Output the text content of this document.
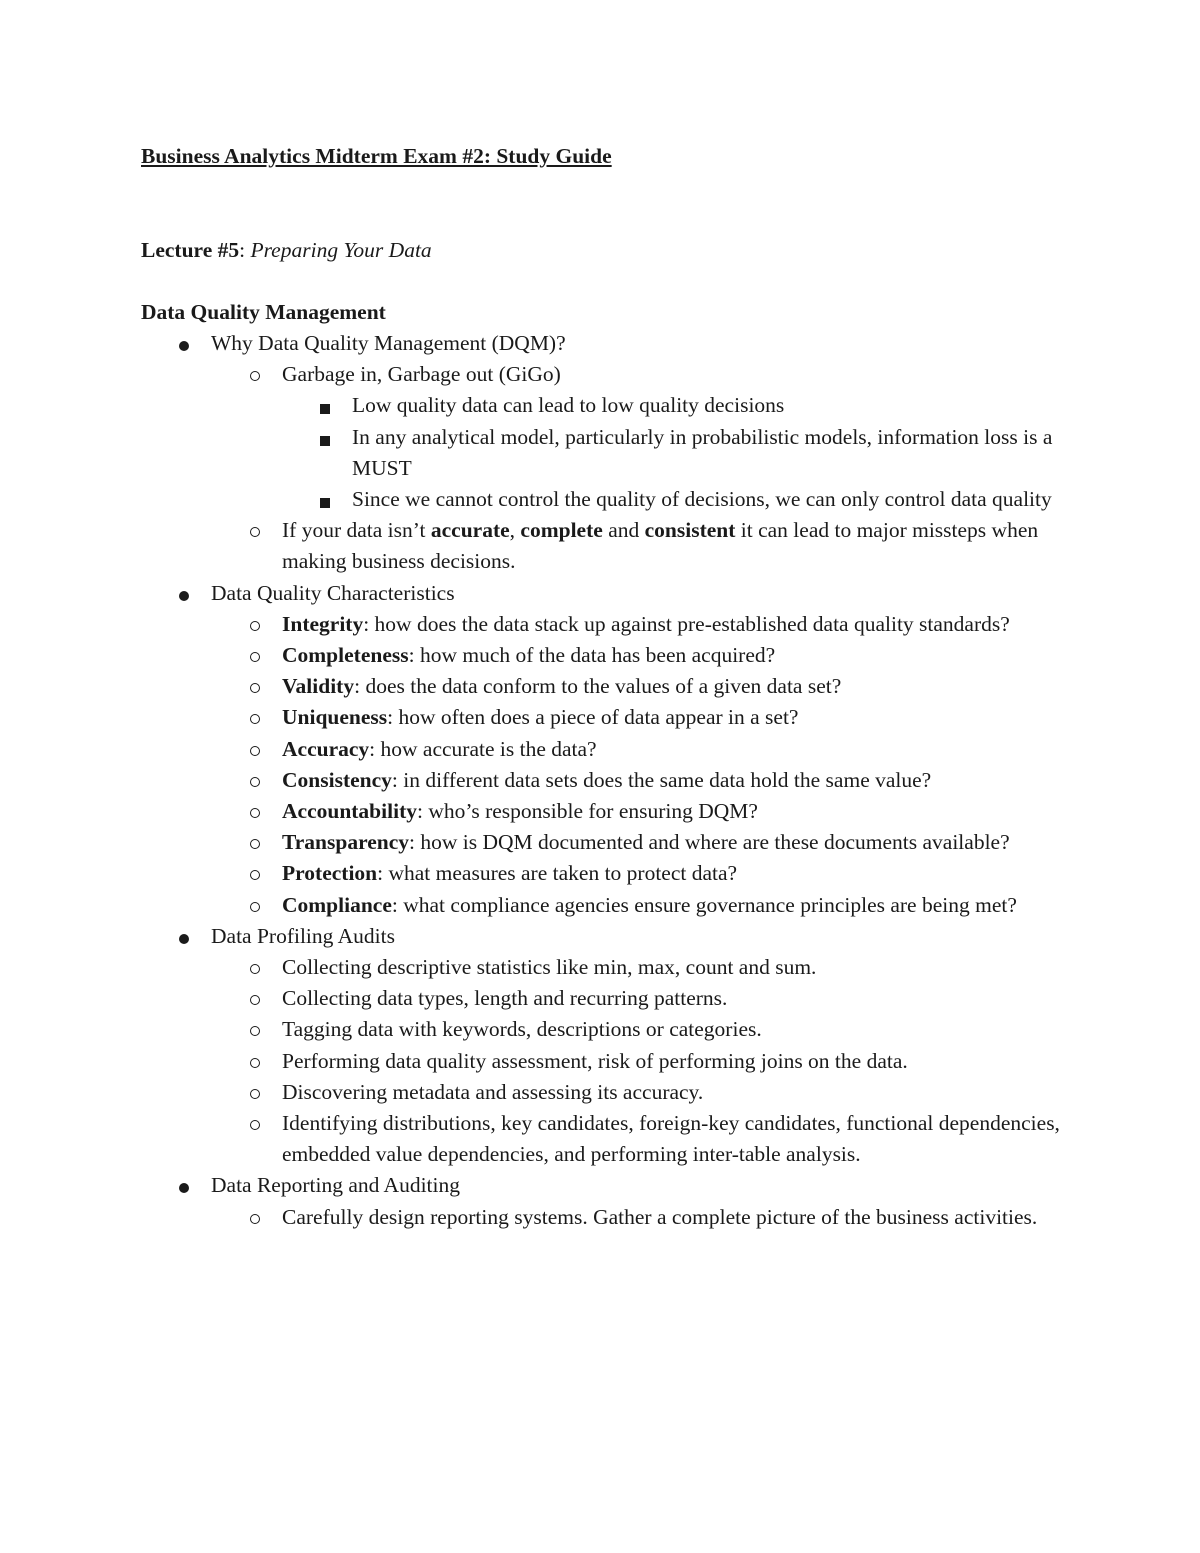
Business Analytics Midterm Exam #2: Study Guide
Lecture #5: Preparing Your Data
Data Quality Management
Why Data Quality Management (DQM)?
Garbage in, Garbage out (GiGo)
Low quality data can lead to low quality decisions
In any analytical model, particularly in probabilistic models, information loss is a MUST
Since we cannot control the quality of decisions, we can only control data quality
If your data isn’t accurate, complete and consistent it can lead to major missteps when making business decisions.
Data Quality Characteristics
Integrity: how does the data stack up against pre-established data quality standards?
Completeness: how much of the data has been acquired?
Validity: does the data conform to the values of a given data set?
Uniqueness: how often does a piece of data appear in a set?
Accuracy: how accurate is the data?
Consistency: in different data sets does the same data hold the same value?
Accountability: who’s responsible for ensuring DQM?
Transparency: how is DQM documented and where are these documents available?
Protection: what measures are taken to protect data?
Compliance: what compliance agencies ensure governance principles are being met?
Data Profiling Audits
Collecting descriptive statistics like min, max, count and sum.
Collecting data types, length and recurring patterns.
Tagging data with keywords, descriptions or categories.
Performing data quality assessment, risk of performing joins on the data.
Discovering metadata and assessing its accuracy.
Identifying distributions, key candidates, foreign-key candidates, functional dependencies, embedded value dependencies, and performing inter-table analysis.
Data Reporting and Auditing
Carefully design reporting systems. Gather a complete picture of the business activities.
